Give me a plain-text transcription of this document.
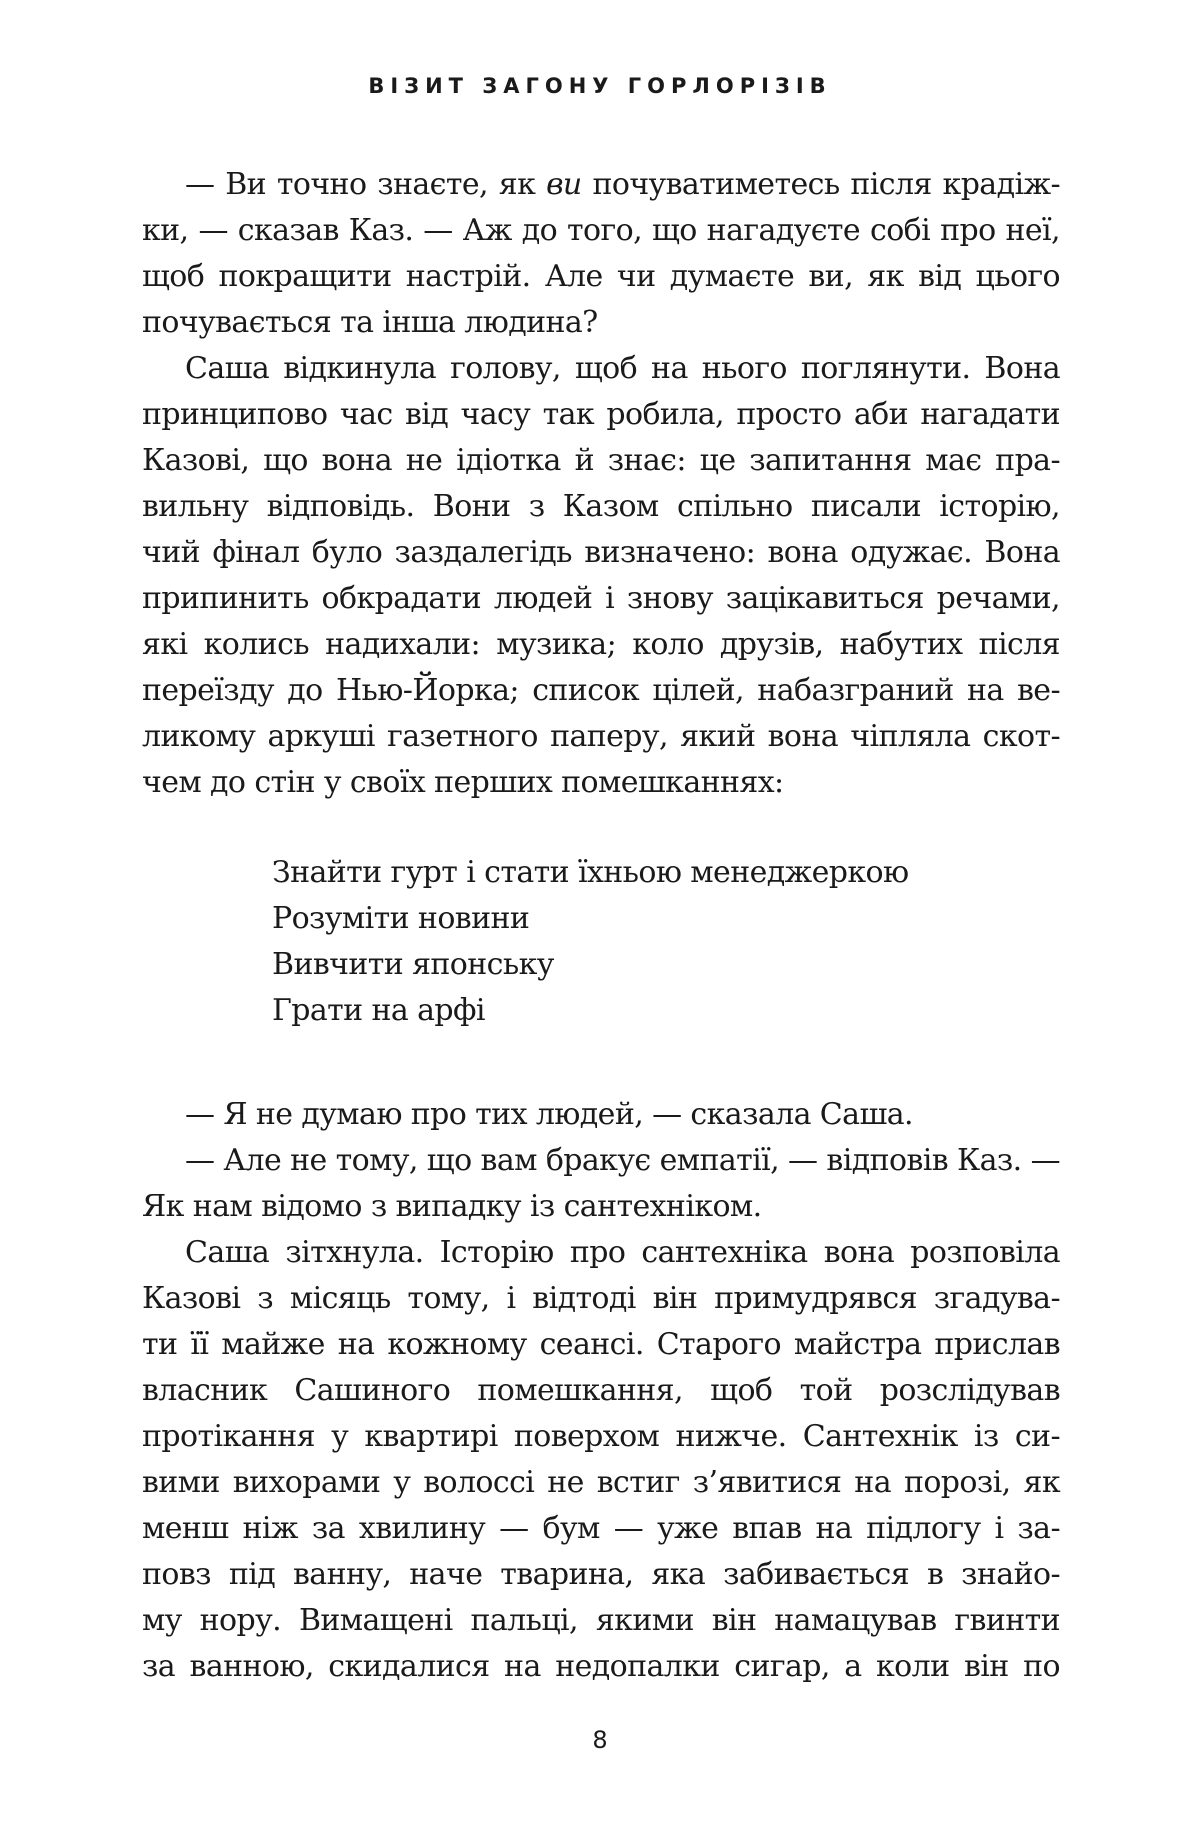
ВІЗИТ ЗАГОНУ ГОРЛОРІЗІВ
— Ви точно знаєте, як ви почуватиметесь після крадіж-
ки, — сказав Каз. — Аж до того, що нагадуєте собі про неї,
щоб покращити настрій. Але чи думаєте ви, як від цього
почувається та інша людина?
Саша відкинула голову, щоб на нього поглянути. Вона
принципово час від часу так робила, просто аби нагадати
Казові, що вона не ідіотка й знає: це запитання має пра-
вильну відповідь. Вони з Казом спільно писали історію,
чий фінал було заздалегідь визначено: вона одужає. Вона
припинить обкрадати людей і знову зацікавиться речами,
які колись надихали: музика; коло друзів, набутих після
переїзду до Нью-Йорка; список цілей, набазграний на ве-
ликому аркуші газетного паперу, який вона чіпляла скот-
чем до стін у своїх перших помешканнях:
Знайти гурт і стати їхньою менеджеркою
Розуміти новини
Вивчити японську
Грати на арфі
— Я не думаю про тих людей, — сказала Саша.
— Але не тому, що вам бракує емпатії, — відповів Каз. —
Як нам відомо з випадку із сантехніком.
Саша зітхнула. Історію про сантехніка вона розповіла
Казові з місяць тому, і відтоді він примудрявся згадува-
ти її майже на кожному сеансі. Старого майстра прислав
власник Сашиного помешкання, щоб той розслідував
протікання у квартирі поверхом нижче. Сантехнік із си-
вими вихорами у волоссі не встиг з’явитися на порозі, як
менш ніж за хвилину — бум — уже впав на підлогу і за-
повз під ванну, наче тварина, яка забивається в знайо-
му нору. Вимащені пальці, якими він намацував гвинти
за ванною, скидалися на недопалки сигар, а коли він по
8
